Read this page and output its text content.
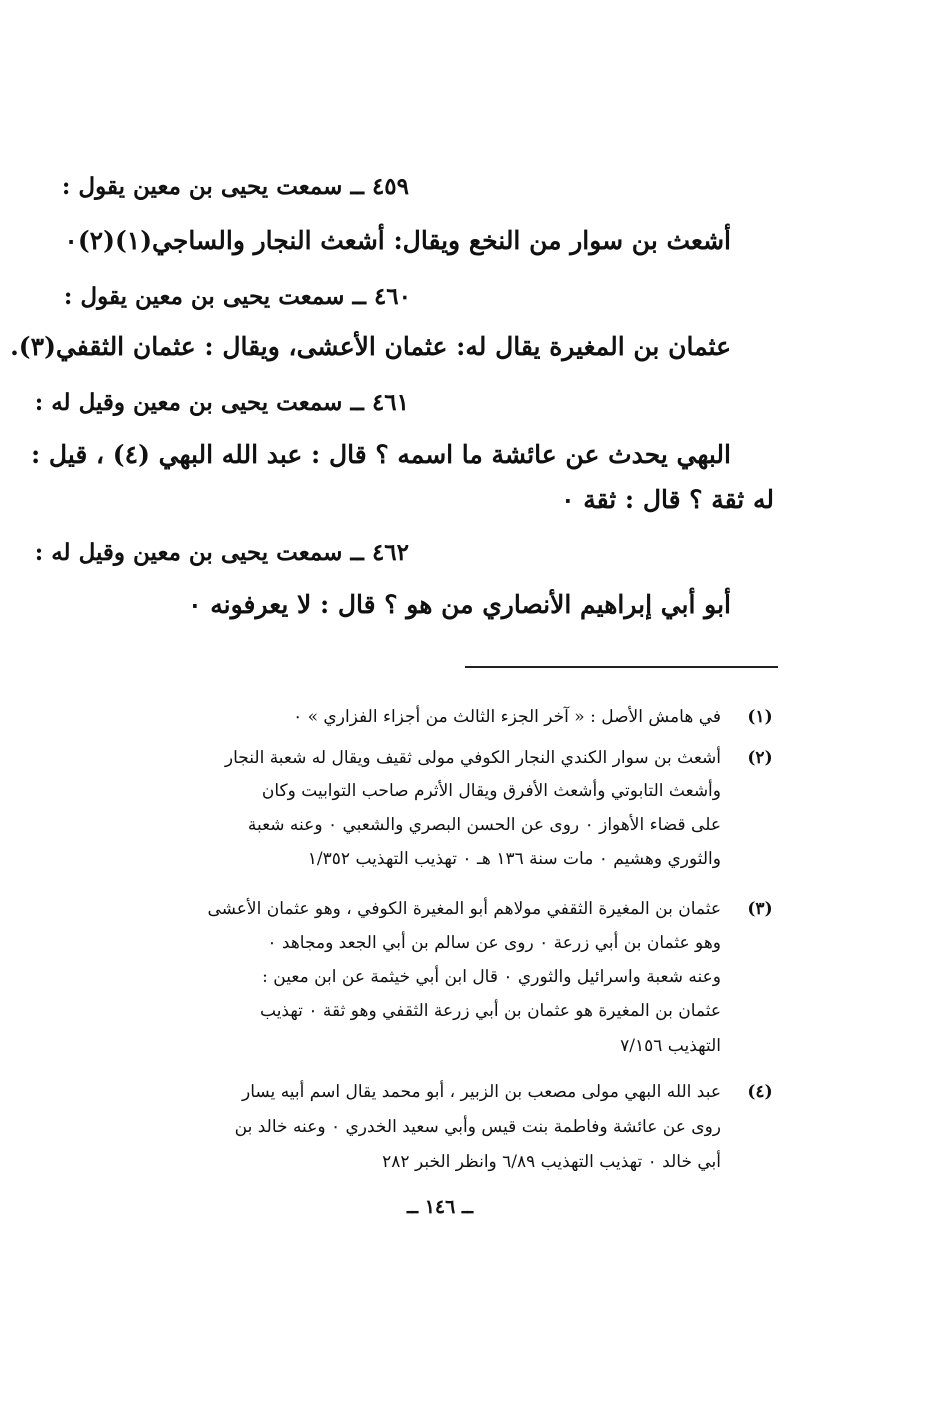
٤٥٩ ــ سمعت يحيى بن معين يقول :
أشعث بن سوار من النخع ويقال: أشعث النجار والساجي(١)(٢)٠
٤٦٠ ــ سمعت يحيى بن معين يقول :
عثمان بن المغيرة يقال له: عثمان الأعشى، ويقال : عثمان الثقفي(٣).
٤٦١ ــ سمعت يحيى بن معين وقيل له :
البهي يحدث عن عائشة ما اسمه ؟ قال : عبد الله البهي (٤) ، قيل :
له ثقة ؟ قال : ثقة ٠
٤٦٢ ــ سمعت يحيى بن معين وقيل له :
أبو أبي إبراهيم الأنصاري من هو ؟ قال : لا يعرفونه ٠
(١)
في هامش الأصل : « آخر الجزء الثالث من أجزاء الفزاري » ٠
(٢)
أشعث بن سوار الكندي النجار الكوفي مولى ثقيف ويقال له شعبة النجار
وأشعث التابوتي وأشعث الأفرق ويقال الأثرم صاحب التوابيت وكان
على قضاء الأهواز ٠ روى عن الحسن البصري والشعبي ٠ وعنه شعبة
والثوري وهشيم ٠ مات سنة ١٣٦ هـ ٠ تهذيب التهذيب ١/٣٥٢
(٣)
عثمان بن المغيرة الثقفي مولاهم أبو المغيرة الكوفي ، وهو عثمان الأعشى
وهو عثمان بن أبي زرعة ٠ روى عن سالم بن أبي الجعد ومجاهد ٠
وعنه شعبة واسرائيل والثوري ٠ قال ابن أبي خيثمة عن ابن معين :
عثمان بن المغيرة هو عثمان بن أبي زرعة الثقفي وهو ثقة ٠ تهذيب
التهذيب ٧/١٥٦
(٤)
عبد الله البهي مولى مصعب بن الزبير ، أبو محمد يقال اسم أبيه يسار
روى عن عائشة وفاطمة بنت قيس وأبي سعيد الخدري ٠ وعنه خالد بن
أبي خالد ٠ تهذيب التهذيب ٦/٨٩ وانظر الخبر ٢٨٢
ــ ١٤٦ ــ
